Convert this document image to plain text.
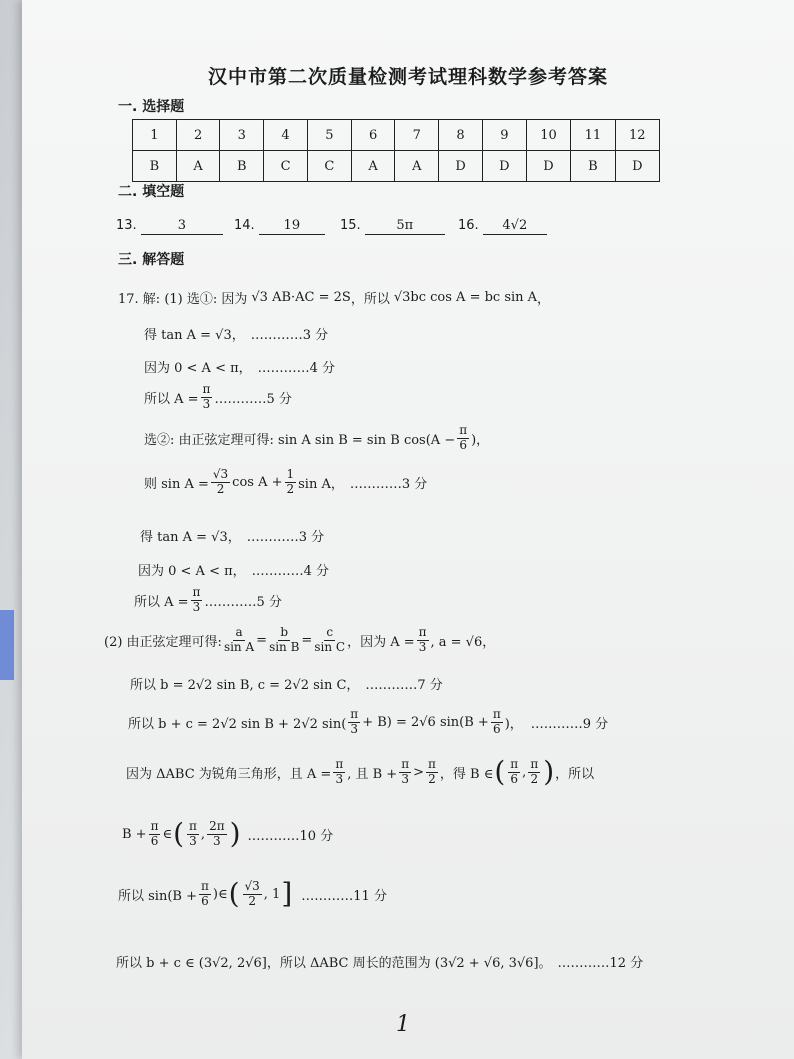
汉中市第二次质量检测考试理科数学参考答案
一. 选择题
1	2	3	4	5	6	7	8	9	10	11	12
B	A	B	C	C	A	A	D	D	D	B	D
二. 填空题
13.	3	14. 19	15.	5π	16. 4√2
三. 解答题
17. 解: (1) 选①: 因为 √3 AB·AC = 2S ，所以 √3bc cos A = bc sin A ，
得 tan A = √3， …………3 分
因为 0 < A < π， …………4 分
所以 $A = \frac{\pi}{3}$ …………5 分
选②: 由正弦定理可得: sin A sin B = sin B $\cos(A - \frac{\pi}{6}$ )，
则 $\sin A = \frac{√3}{2}$ $\cos A + \frac{1}{2}$ sin A， …………3 分
得 tan A = √3， …………3 分
因为 0 < A < π， …………4 分
所以 $A = \frac{\pi}{3}$ …………5 分
(2) 由正弦定理可得: $\frac{a}{\text{sin A}} = \frac{b}{\text{sin B}} = \frac{c}{\text{sin C}}$ ，因为 $A = \frac{\pi}{3}$ , a = √6，
所以 b = 2√2 sin B, c = 2√2 sin C， …………7 分
所以 b + c = 2√2 sin B + 2√2 $\sin( \frac{\pi}{3} + B) = 2√6$ $\sin(B + \frac{\pi}{6}$ )， …………9 分
因为 ΔABC 为锐角三角形，且 $A = \frac{\pi}{3}$ , 且 $B + \frac{\pi}{3} > \frac{\pi}{2}$ ，得 B ∈ ( $\frac{\pi}{6}$ , $\frac{\pi}{2}$ ) ，所以
$B + \frac{\pi}{6}$ ∈ ( $\frac{\pi}{3}$ , $\frac{2\pi}{3}$ ) …………10 分
所以 $\sin(B + \frac{\pi}{6}$ ) ∈ ( $\frac{√3}{2}$ , 1 ] …………11 分
所以 b + c ∈ (3√2, 2√6]，所以 ΔABC 周长的范围为 (3√2 + √6, 3√6]。 …………12 分
1
